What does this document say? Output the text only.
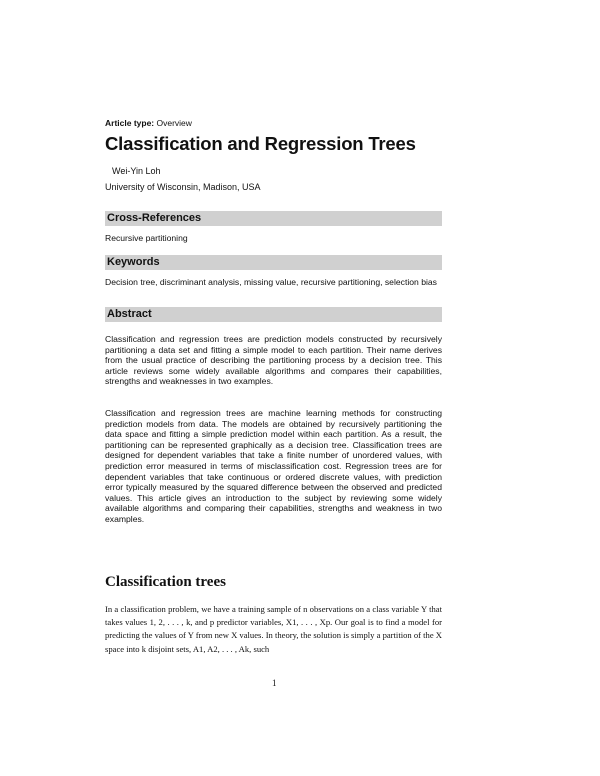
Article type: Overview
Classification and Regression Trees
Wei-Yin Loh
University of Wisconsin, Madison, USA
Cross-References
Recursive partitioning
Keywords
Decision tree, discriminant analysis, missing value, recursive partitioning, selection bias
Abstract
Classification and regression trees are prediction models constructed by recursively partitioning a data set and fitting a simple model to each partition. Their name derives from the usual practice of describing the partitioning process by a decision tree. This article reviews some widely available algorithms and compares their capabilities, strengths and weaknesses in two examples.
Classification and regression trees are machine learning methods for constructing prediction models from data. The models are obtained by recursively partitioning the data space and fitting a simple prediction model within each partition. As a result, the partitioning can be represented graphically as a decision tree. Classification trees are designed for dependent variables that take a finite number of unordered values, with prediction error measured in terms of misclassification cost. Regression trees are for dependent variables that take continuous or ordered discrete values, with prediction error typically measured by the squared difference between the observed and predicted values. This article gives an introduction to the subject by reviewing some widely available algorithms and comparing their capabilities, strengths and weakness in two examples.
Classification trees
In a classification problem, we have a training sample of n observations on a class variable Y that takes values 1, 2, . . . , k, and p predictor variables, X1, . . . , Xp. Our goal is to find a model for predicting the values of Y from new X values. In theory, the solution is simply a partition of the X space into k disjoint sets, A1, A2, . . . , Ak, such
1
